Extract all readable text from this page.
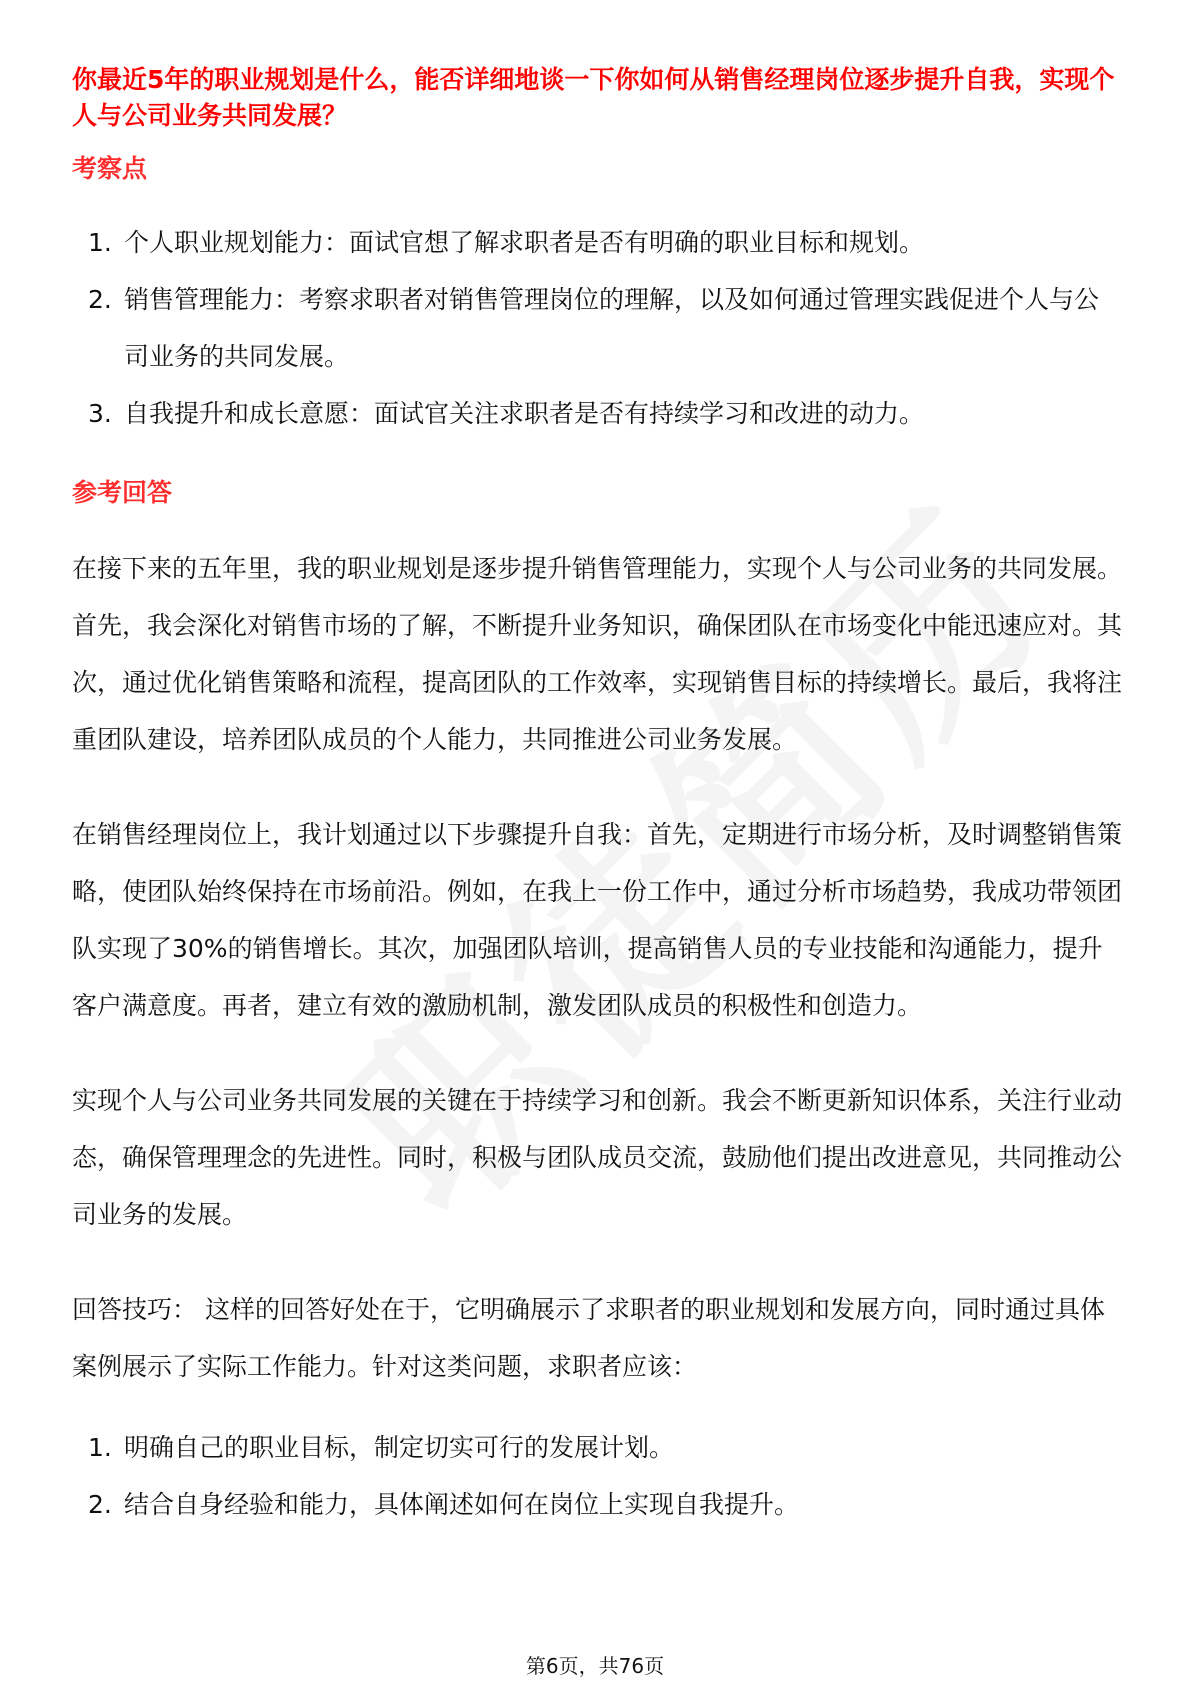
你最近5年的职业规划是什么，能否详细地谈一下你如何从销售经理岗位逐步提升自我，实现个人与公司业务共同发展？
考察点
1. 个人职业规划能力：面试官想了解求职者是否有明确的职业目标和规划。
2. 销售管理能力：考察求职者对销售管理岗位的理解，以及如何通过管理实践促进个人与公司业务的共同发展。
3. 自我提升和成长意愿：面试官关注求职者是否有持续学习和改进的动力。
参考回答

在接下来的五年里，我的职业规划是逐步提升销售管理能力，实现个人与公司业务的共同发展。首先，我会深化对销售市场的了解，不断提升业务知识，确保团队在市场变化中能迅速应对。其次，通过优化销售策略和流程，提高团队的工作效率，实现销售目标的持续增长。最后，我将注重团队建设，培养团队成员的个人能力，共同推进公司业务发展。

在销售经理岗位上，我计划通过以下步骤提升自我：首先，定期进行市场分析，及时调整销售策略，使团队始终保持在市场前沿。例如，在我上一份工作中，通过分析市场趋势，我成功带领团队实现了30%的销售增长。其次，加强团队培训，提高销售人员的专业技能和沟通能力，提升客户满意度。再者，建立有效的激励机制，激发团队成员的积极性和创造力。

实现个人与公司业务共同发展的关键在于持续学习和创新。我会不断更新知识体系，关注行业动态，确保管理理念的先进性。同时，积极与团队成员交流，鼓励他们提出改进意见，共同推动公司业务的发展。

回答技巧： 这样的回答好处在于，它明确展示了求职者的职业规划和发展方向，同时通过具体案例展示了实际工作能力。针对这类问题，求职者应该：

1. 明确自己的职业目标，制定切实可行的发展计划。
2. 结合自身经验和能力，具体阐述如何在岗位上实现自我提升。
第6页，共76页
